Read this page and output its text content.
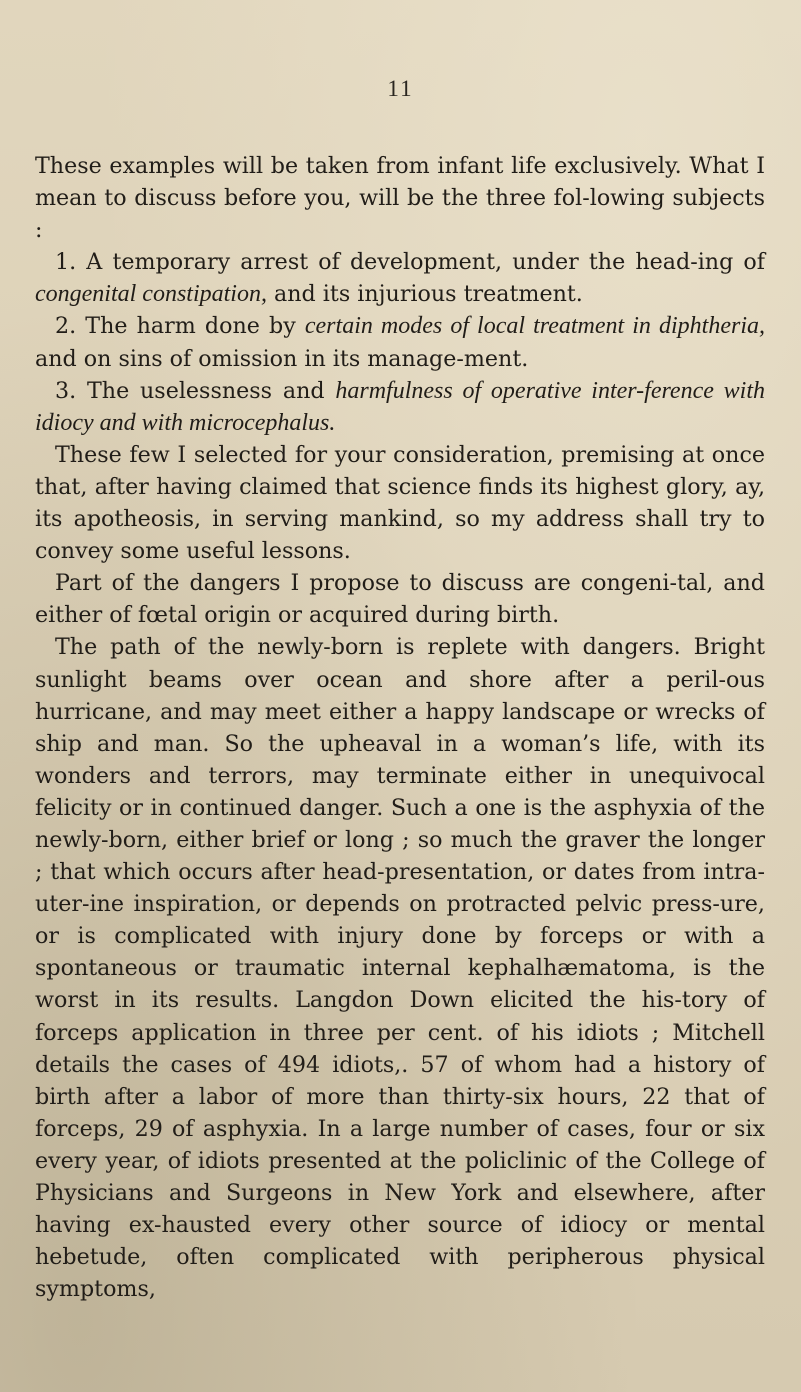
11

These examples will be taken from infant life exclusively. What I mean to discuss before you, will be the three fol-lowing subjects :

1. A temporary arrest of development, under the head-ing of congenital constipation, and its injurious treatment.

2. The harm done by certain modes of local treatment in diphtheria, and on sins of omission in its manage-ment.

3. The uselessness and harmfulness of operative inter-ference with idiocy and with microcephalus.

These few I selected for your consideration, premising at once that, after having claimed that science finds its highest glory, ay, its apotheosis, in serving mankind, so my address shall try to convey some useful lessons.

Part of the dangers I propose to discuss are congeni-tal, and either of fœtal origin or acquired during birth.

The path of the newly-born is replete with dangers. Bright sunlight beams over ocean and shore after a peril-ous hurricane, and may meet either a happy landscape or wrecks of ship and man. So the upheaval in a woman’s life, with its wonders and terrors, may terminate either in unequivocal felicity or in continued danger. Such a one is the asphyxia of the newly-born, either brief or long ; so much the graver the longer ; that which occurs after head-presentation, or dates from intra-uter-ine inspiration, or depends on protracted pelvic press-ure, or is complicated with injury done by forceps or with a spontaneous or traumatic internal kephalhæmatoma, is the worst in its results. Langdon Down elicited the his-tory of forceps application in three per cent. of his idiots ; Mitchell details the cases of 494 idiots,. 57 of whom had a history of birth after a labor of more than thirty-six hours, 22 that of forceps, 29 of asphyxia. In a large number of cases, four or six every year, of idiots presented at the policlinic of the College of Physicians and Surgeons in New York and elsewhere, after having ex-hausted every other source of idiocy or mental hebetude, often complicated with peripherous physical symptoms,
